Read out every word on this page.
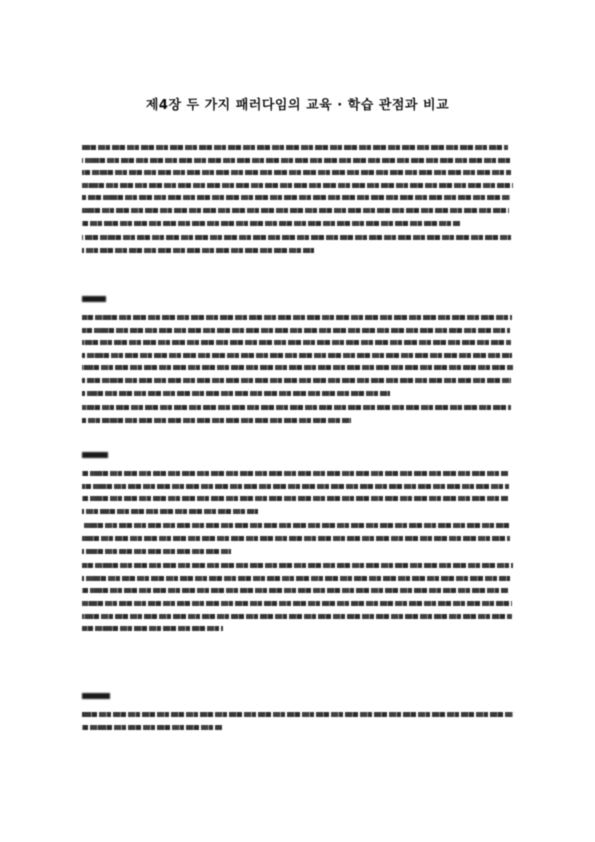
제4장 두 가지 패러다임의 교육 · 학습 관점과 비교
